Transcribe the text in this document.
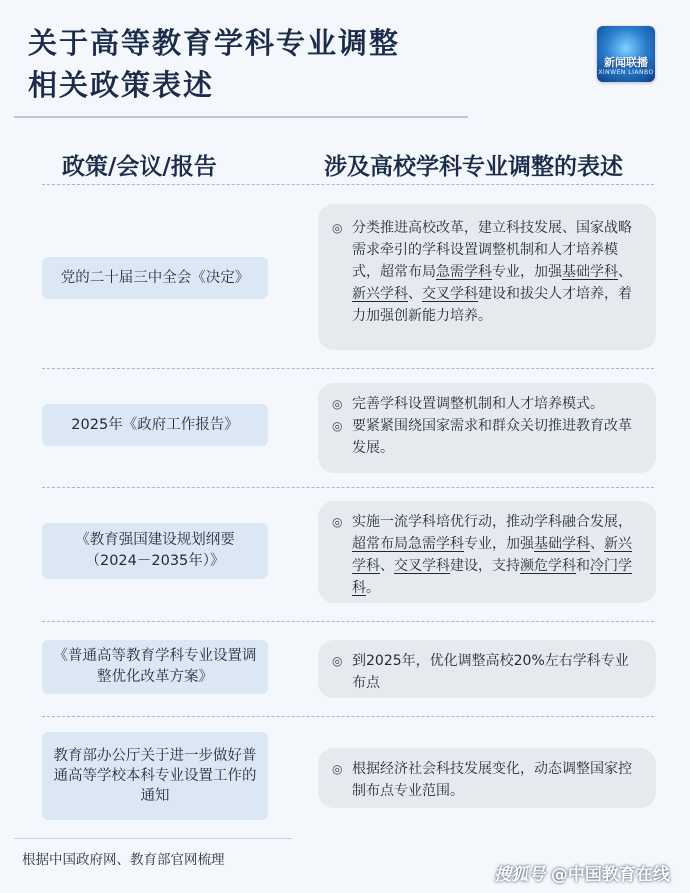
关于高等教育学科专业调整
相关政策表述
新闻联播
XINWEN LIANBO
政策/会议/报告	涉及高校学科专业调整的表述
党的二十届三中全会《决定》
◎ 分类推进高校改革，建立科技发展、国家战略需求牵引的学科设置调整机制和人才培养模式，超常布局急需学科专业，加强基础学科、新兴学科、交叉学科建设和拔尖人才培养，着力加强创新能力培养。
2025年《政府工作报告》
◎ 完善学科设置调整机制和人才培养模式。
◎ 要紧紧围绕国家需求和群众关切推进教育改革发展。
《教育强国建设规划纲要（2024－2035年）》
◎ 实施一流学科培优行动，推动学科融合发展，超常布局急需学科专业，加强基础学科、新兴学科、交叉学科建设，支持濒危学科和冷门学科。
《普通高等教育学科专业设置调整优化改革方案》
◎ 到2025年，优化调整高校20%左右学科专业布点
教育部办公厅关于进一步做好普通高等学校本科专业设置工作的通知
◎ 根据经济社会科技发展变化，动态调整国家控制布点专业范围。
根据中国政府网、教育部官网梳理
搜狐号 @中国教育在线
